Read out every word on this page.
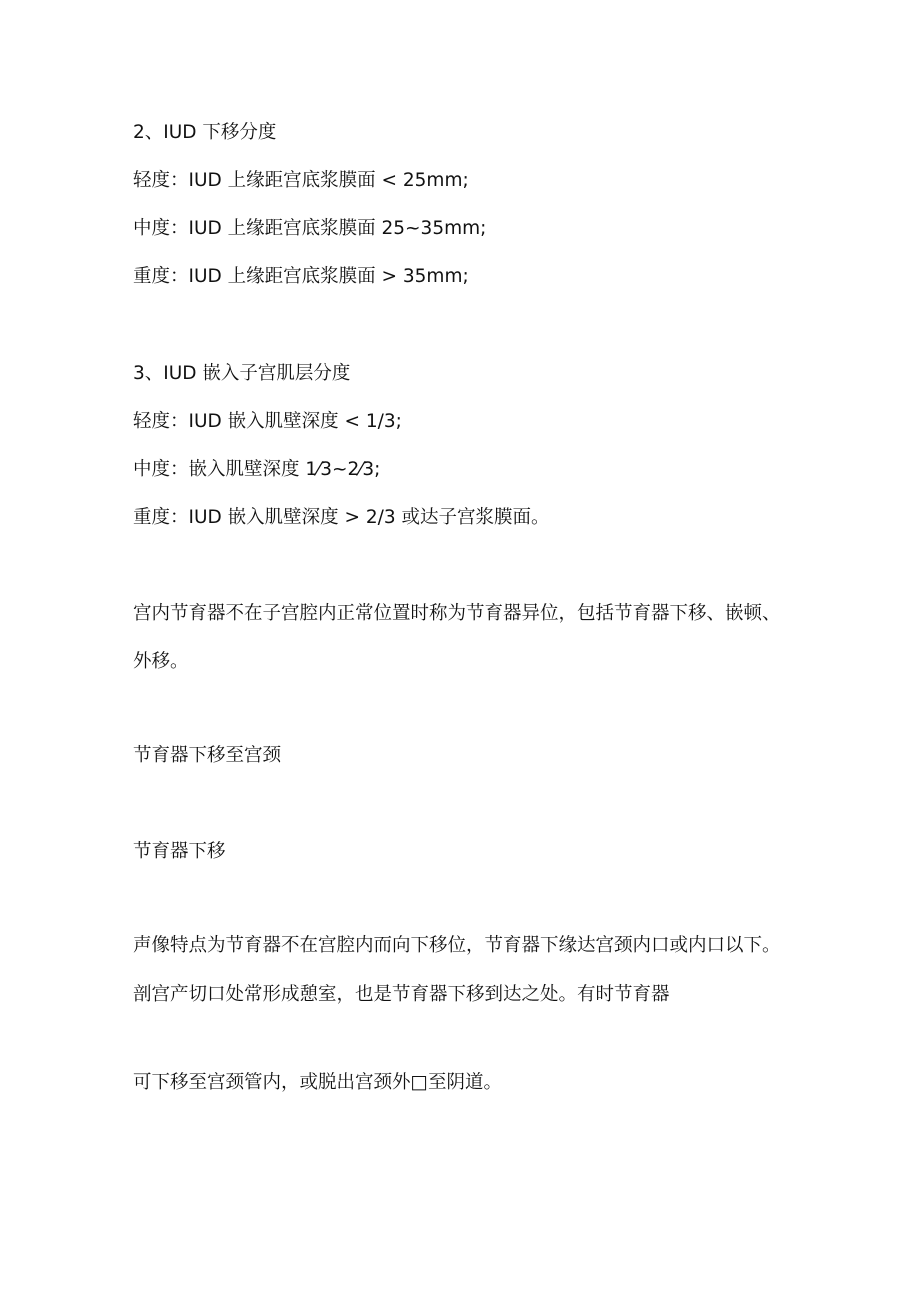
2、IUD 下移分度
轻度：IUD 上缘距宫底浆膜面 < 25mm;
中度：IUD 上缘距宫底浆膜面 25~35mm;
重度：IUD 上缘距宫底浆膜面 > 35mm;
3、IUD 嵌入子宫肌层分度
轻度：IUD 嵌入肌壁深度 < 1/3;
中度：嵌入肌壁深度 1⁄3~2⁄3;
重度：IUD 嵌入肌壁深度 > 2/3 或达子宫浆膜面。
宫内节育器不在子宫腔内正常位置时称为节育器异位，包括节育器下移、嵌顿、
外移。
节育器下移至宫颈
节育器下移
声像特点为节育器不在宫腔内而向下移位，节育器下缘达宫颈内口或内口以下。
剖宫产切口处常形成憩室，也是节育器下移到达之处。有时节育器
可下移至宫颈管内，或脱出宫颈外□至阴道。
